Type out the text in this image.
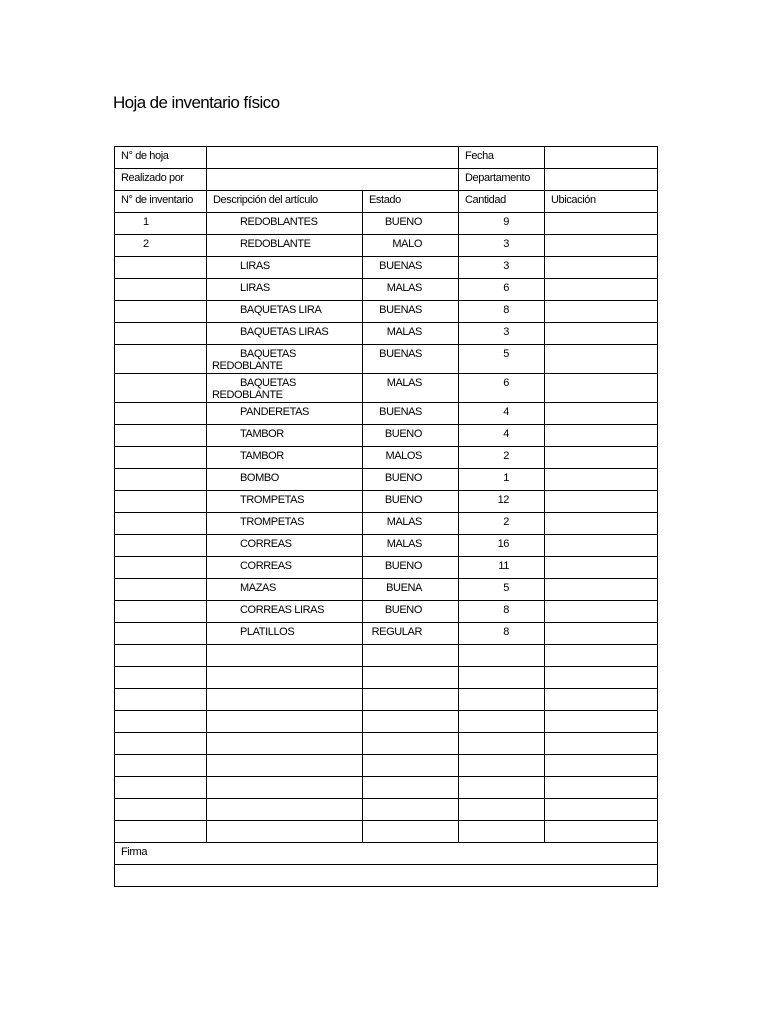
Hoja de inventario físico
N° de hoja			Fecha	
Realizado por			Departamento	
N° de inventario	Descripción del artículo	Estado	Cantidad	Ubicación
1	REDOBLANTES	BUENO	9	
2	REDOBLANTE	MALO	3	
	LIRAS	BUENAS	3	
	LIRAS	MALAS	6	
	BAQUETAS LIRA	BUENAS	8	
	BAQUETAS LIRAS	MALAS	3	
	BAQUETAS
REDOBLANTE	BUENAS	5	
	BAQUETAS
REDOBLANTE	MALAS	6	
	PANDERETAS	BUENAS	4	
	TAMBOR	BUENO	4	
	TAMBOR	MALOS	2	
	BOMBO	BUENO	1	
	TROMPETAS	BUENO	12	
	TROMPETAS	MALAS	2	
	CORREAS	MALAS	16	
	CORREAS	BUENO	11	
	MAZAS	BUENA	5	
	CORREAS LIRAS	BUENO	8	
	PLATILLOS	REGULAR	8	

Firma				
